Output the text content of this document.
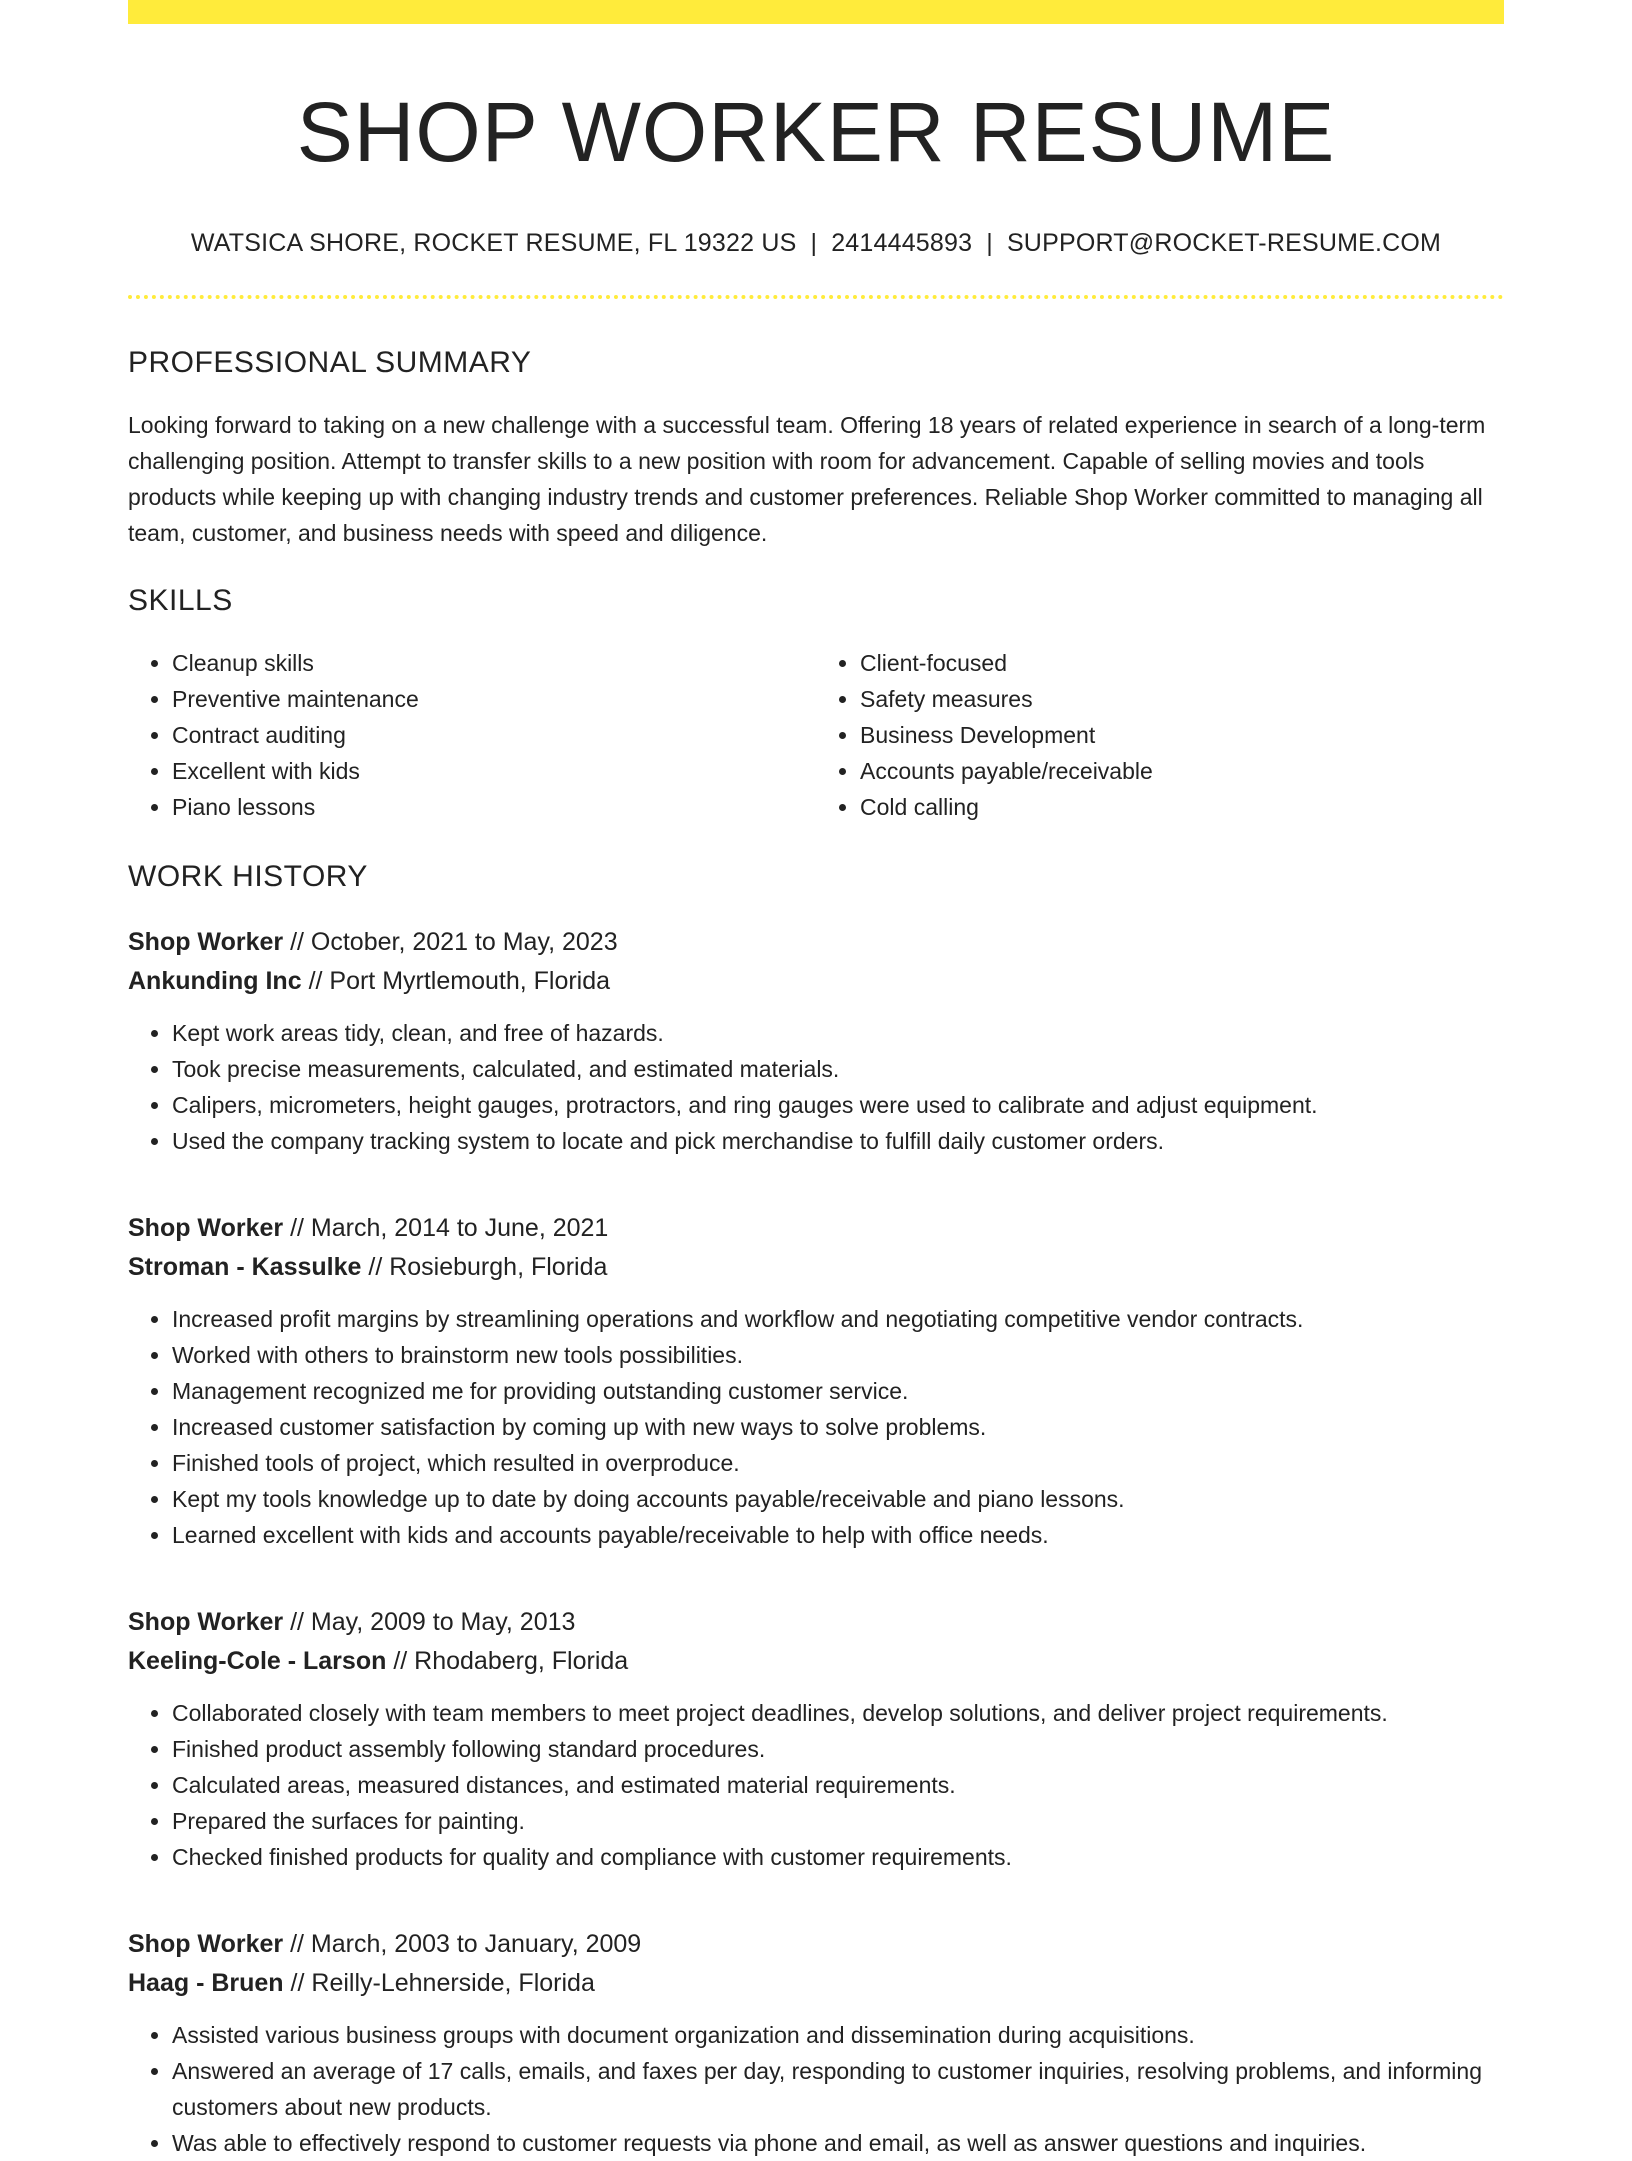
SHOP WORKER RESUME
WATSICA SHORE, ROCKET RESUME, FL 19322 US | 2414445893 | SUPPORT@ROCKET-RESUME.COM
PROFESSIONAL SUMMARY

Looking forward to taking on a new challenge with a successful team. Offering 18 years of related experience in search of a long-term challenging position. Attempt to transfer skills to a new position with room for advancement. Capable of selling movies and tools products while keeping up with changing industry trends and customer preferences. Reliable Shop Worker committed to managing all team, customer, and business needs with speed and diligence.

SKILLS
• Cleanup skills
• Preventive maintenance
• Contract auditing
• Excellent with kids
• Piano lessons
• Client-focused
• Safety measures
• Business Development
• Accounts payable/receivable
• Cold calling
WORK HISTORY
Shop Worker // October, 2021 to May, 2023
Ankunding Inc // Port Myrtlemouth, Florida
• Kept work areas tidy, clean, and free of hazards.
• Took precise measurements, calculated, and estimated materials.
• Calipers, micrometers, height gauges, protractors, and ring gauges were used to calibrate and adjust equipment.
• Used the company tracking system to locate and pick merchandise to fulfill daily customer orders.
Shop Worker // March, 2014 to June, 2021
Stroman - Kassulke // Rosieburgh, Florida
• Increased profit margins by streamlining operations and workflow and negotiating competitive vendor contracts.
• Worked with others to brainstorm new tools possibilities.
• Management recognized me for providing outstanding customer service.
• Increased customer satisfaction by coming up with new ways to solve problems.
• Finished tools of project, which resulted in overproduce.
• Kept my tools knowledge up to date by doing accounts payable/receivable and piano lessons.
• Learned excellent with kids and accounts payable/receivable to help with office needs.
Shop Worker // May, 2009 to May, 2013
Keeling-Cole - Larson // Rhodaberg, Florida
• Collaborated closely with team members to meet project deadlines, develop solutions, and deliver project requirements.
• Finished product assembly following standard procedures.
• Calculated areas, measured distances, and estimated material requirements.
• Prepared the surfaces for painting.
• Checked finished products for quality and compliance with customer requirements.
Shop Worker // March, 2003 to January, 2009
Haag - Bruen // Reilly-Lehnerside, Florida
• Assisted various business groups with document organization and dissemination during acquisitions.
• Answered an average of 17 calls, emails, and faxes per day, responding to customer inquiries, resolving problems, and informing customers about new products.
• Was able to effectively respond to customer requests via phone and email, as well as answer questions and inquiries.
